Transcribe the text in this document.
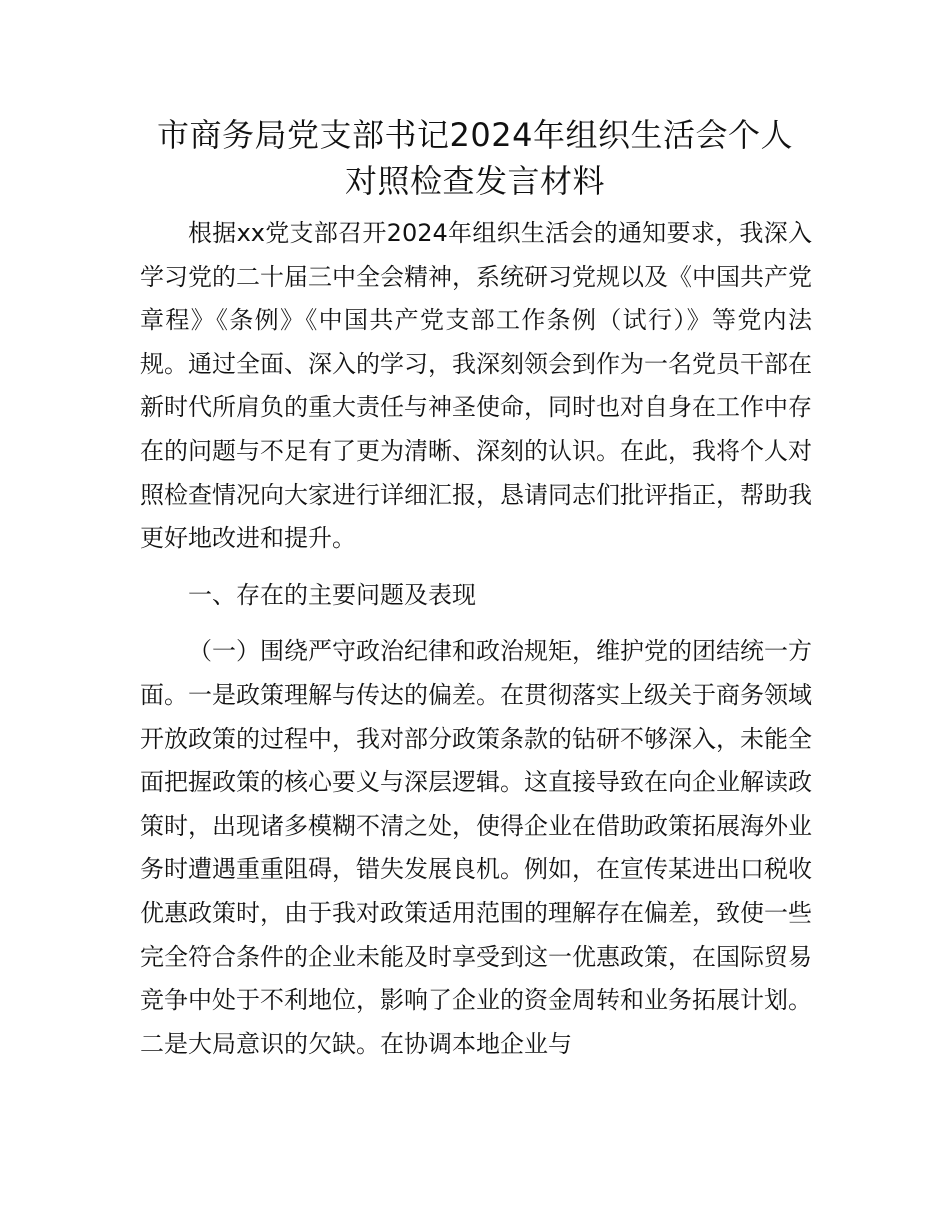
市商务局党支部书记2024年组织生活会个人
对照检查发言材料

根据xx党支部召开2024年组织生活会的通知要求，我深入学习党的二十届三中全会精神，系统研习党规以及《中国共产党章程》《条例》《中国共产党支部工作条例（试行）》等党内法规。通过全面、深入的学习，我深刻领会到作为一名党员干部在新时代所肩负的重大责任与神圣使命，同时也对自身在工作中存在的问题与不足有了更为清晰、深刻的认识。在此，我将个人对照检查情况向大家进行详细汇报，恳请同志们批评指正，帮助我更好地改进和提升。

一、存在的主要问题及表现

（一）围绕严守政治纪律和政治规矩，维护党的团结统一方面。一是政策理解与传达的偏差。在贯彻落实上级关于商务领域开放政策的过程中，我对部分政策条款的钻研不够深入，未能全面把握政策的核心要义与深层逻辑。这直接导致在向企业解读政策时，出现诸多模糊不清之处，使得企业在借助政策拓展海外业务时遭遇重重阻碍，错失发展良机。例如，在宣传某进出口税收优惠政策时，由于我对政策适用范围的理解存在偏差，致使一些完全符合条件的企业未能及时享受到这一优惠政策，在国际贸易竞争中处于不利地位，影响了企业的资金周转和业务拓展计划。二是大局意识的欠缺。在协调本地企业与
